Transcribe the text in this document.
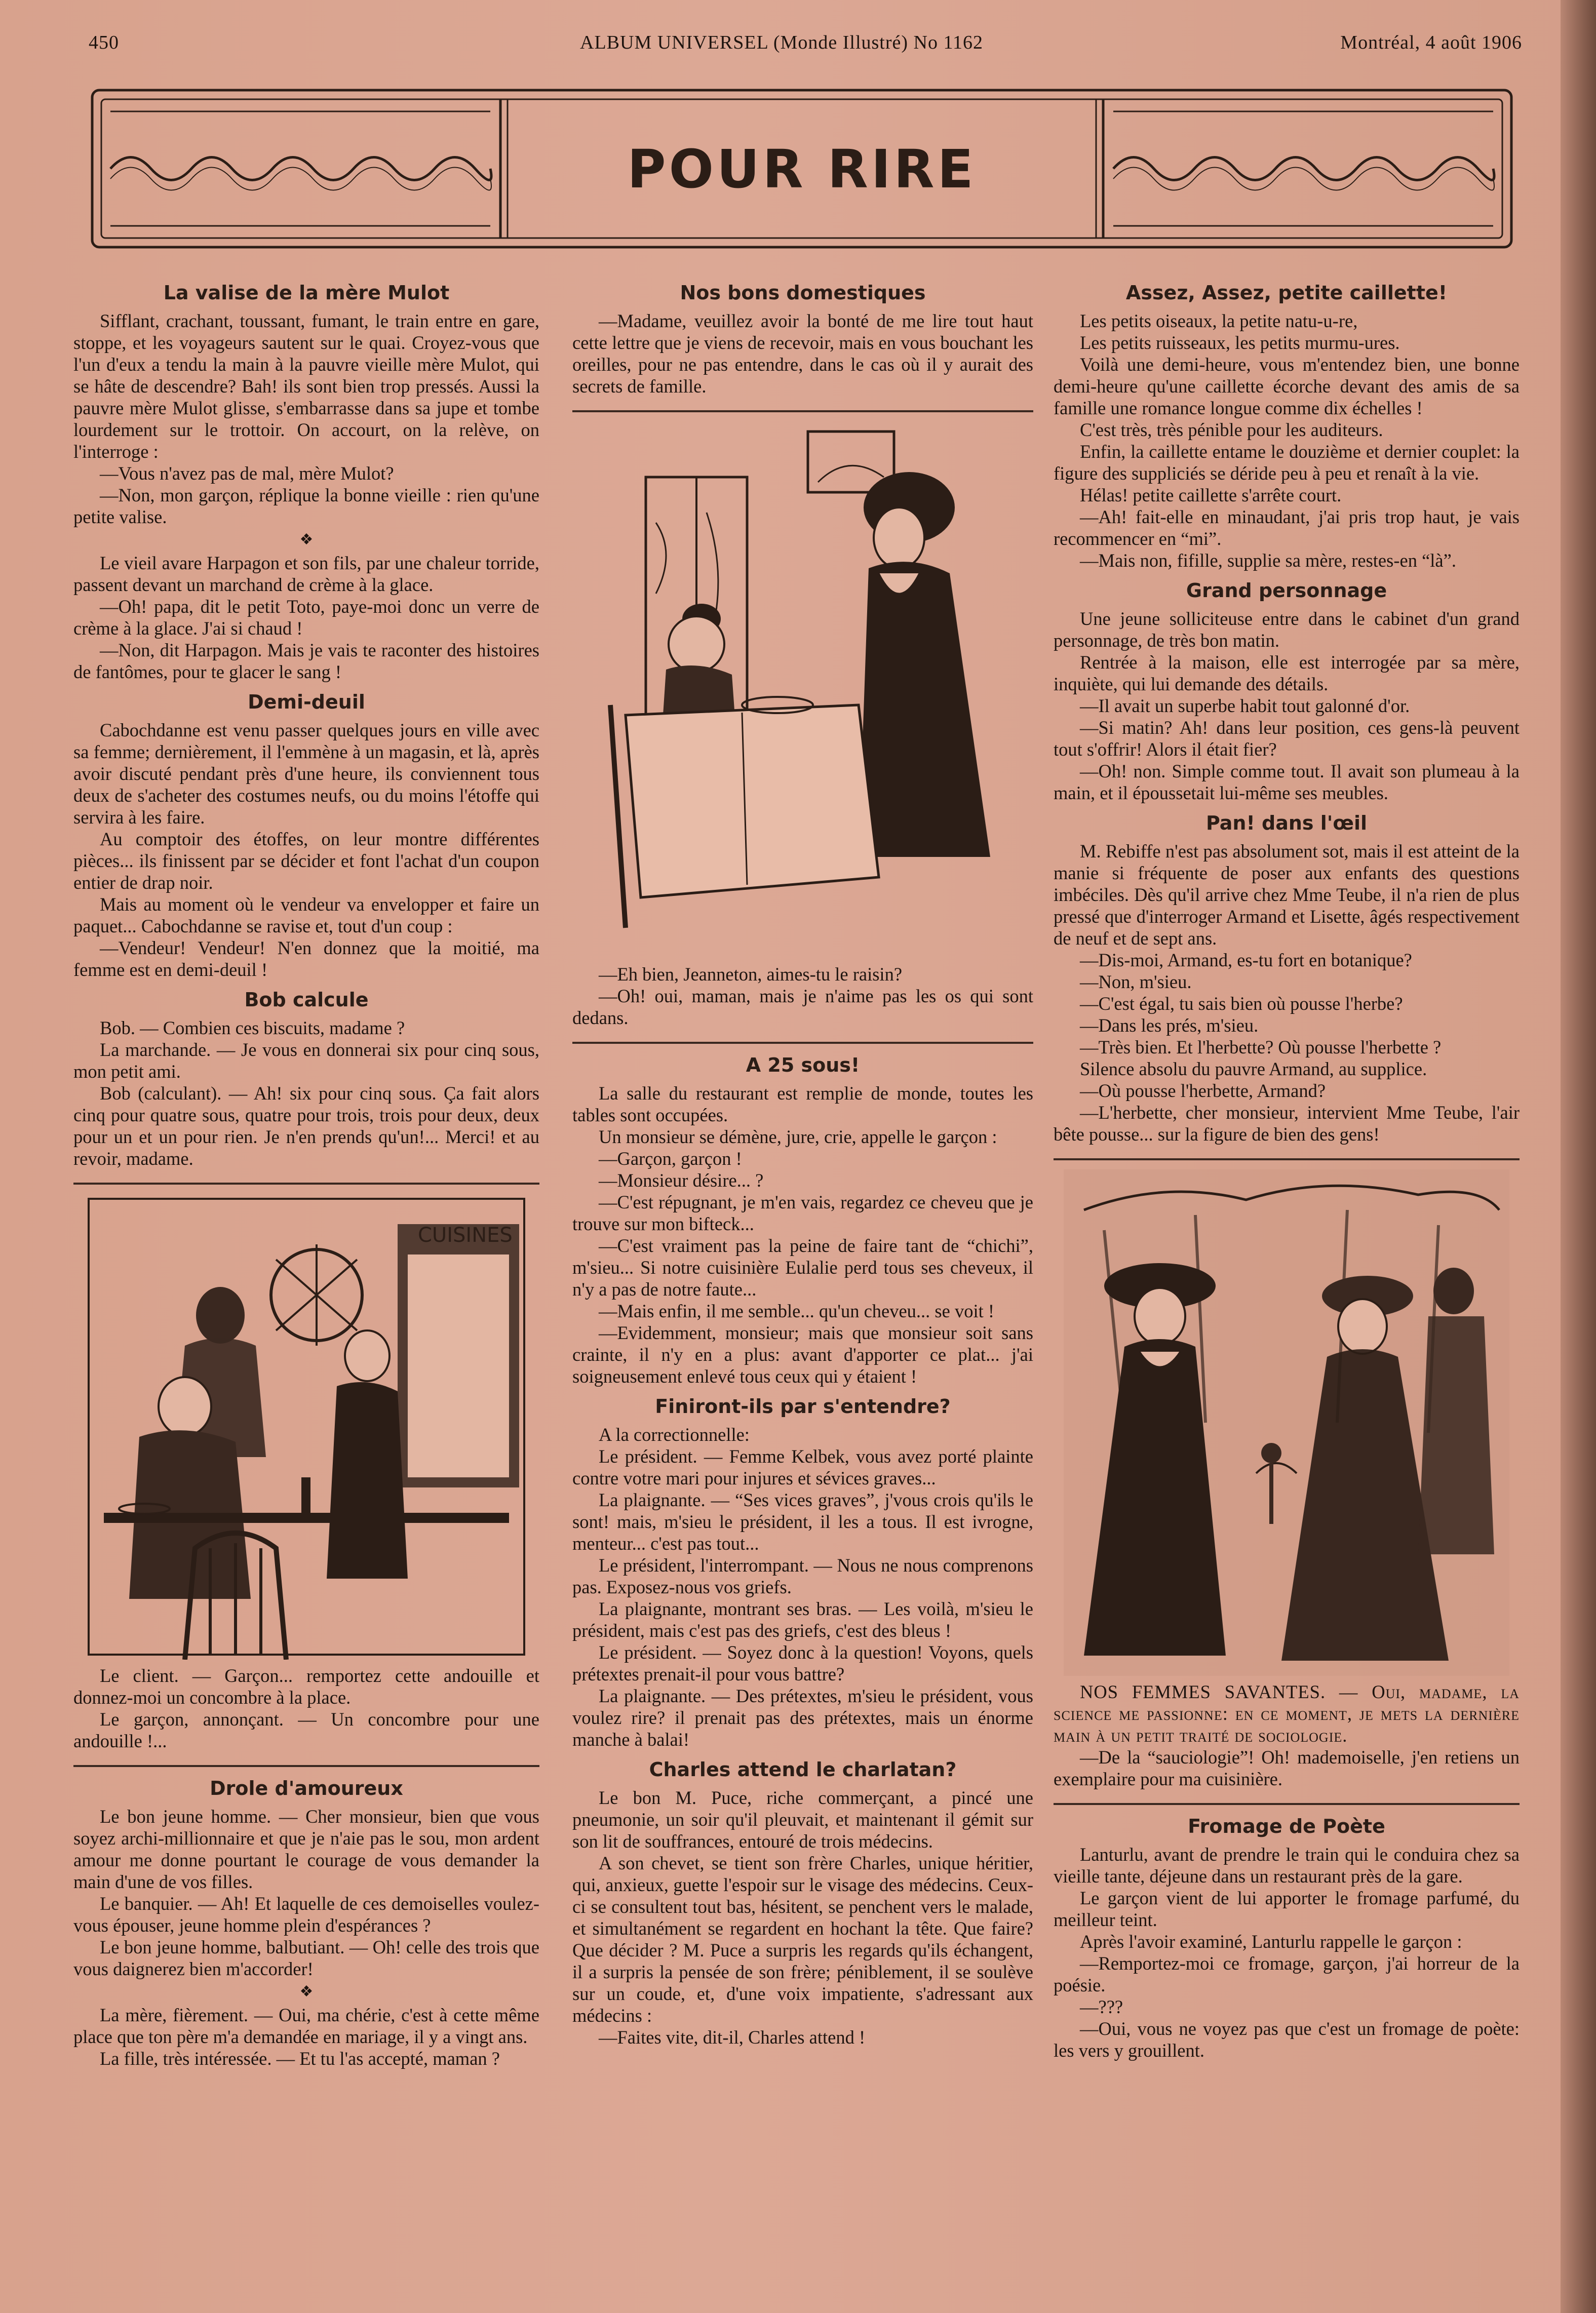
450	ALBUM UNIVERSEL (Monde Illustré) No 1162	Montréal, 4 août 1906
POUR RIRE
La valise de la mère Mulot

Sifflant, crachant, toussant, fumant, le train entre en gare, stoppe, et les voyageurs sautent sur le quai. Croyez-vous que l'un d'eux a tendu la main à la pauvre vieille mère Mulot, qui se hâte de descendre? Bah! ils sont bien trop pressés. Aussi la pauvre mère Mulot glisse, s'embarrasse dans sa jupe et tombe lourdement sur le trottoir. On accourt, on la relève, on l'interroge :

—Vous n'avez pas de mal, mère Mulot?

—Non, mon garçon, réplique la bonne vieille : rien qu'une petite valise.

❖

Le vieil avare Harpagon et son fils, par une chaleur torride, passent devant un marchand de crème à la glace.

—Oh! papa, dit le petit Toto, paye-moi donc un verre de crème à la glace. J'ai si chaud !

—Non, dit Harpagon. Mais je vais te raconter des histoires de fantômes, pour te glacer le sang !

Demi-deuil

Cabochdanne est venu passer quelques jours en ville avec sa femme; dernièrement, il l'emmène à un magasin, et là, après avoir discuté pendant près d'une heure, ils conviennent tous deux de s'acheter des costumes neufs, ou du moins l'étoffe qui servira à les faire.

Au comptoir des étoffes, on leur montre différentes pièces... ils finissent par se décider et font l'achat d'un coupon entier de drap noir.

Mais au moment où le vendeur va envelopper et faire un paquet... Cabochdanne se ravise et, tout d'un coup :

—Vendeur! Vendeur! N'en donnez que la moitié, ma femme est en demi-deuil !

Bob calcule

Bob. — Combien ces biscuits, madame ?

La marchande. — Je vous en donnerai six pour cinq sous, mon petit ami.

Bob (calculant). — Ah! six pour cinq sous. Ça fait alors cinq pour quatre sous, quatre pour trois, trois pour deux, deux pour un et un pour rien. Je n'en prends qu'un!... Merci! et au revoir, madame.

CUISINES

Le client. — Garçon... remportez cette andouille et donnez-moi un concombre à la place.

Le garçon, annonçant. — Un concombre pour une andouille !...

Drole d'amoureux

Le bon jeune homme. — Cher monsieur, bien que vous soyez archi-millionnaire et que je n'aie pas le sou, mon ardent amour me donne pourtant le courage de vous demander la main d'une de vos filles.

Le banquier. — Ah! Et laquelle de ces demoiselles voulez-vous épouser, jeune homme plein d'espérances ?

Le bon jeune homme, balbutiant. — Oh! celle des trois que vous daignerez bien m'accorder!

❖

La mère, fièrement. — Oui, ma chérie, c'est à cette même place que ton père m'a demandée en mariage, il y a vingt ans.

La fille, très intéressée. — Et tu l'as accepté, maman ?

Nos bons domestiques

—Madame, veuillez avoir la bonté de me lire tout haut cette lettre que je viens de recevoir, mais en vous bouchant les oreilles, pour ne pas entendre, dans le cas où il y aurait des secrets de famille.

—Eh bien, Jeanneton, aimes-tu le raisin?

—Oh! oui, maman, mais je n'aime pas les os qui sont dedans.

A 25 sous!

La salle du restaurant est remplie de monde, toutes les tables sont occupées.

Un monsieur se démène, jure, crie, appelle le garçon :

—Garçon, garçon !

—Monsieur désire... ?

—C'est répugnant, je m'en vais, regardez ce cheveu que je trouve sur mon bifteck...

—C'est vraiment pas la peine de faire tant de “chichi”, m'sieu... Si notre cuisinière Eulalie perd tous ses cheveux, il n'y a pas de notre faute...

—Mais enfin, il me semble... qu'un cheveu... se voit !

—Evidemment, monsieur; mais que monsieur soit sans crainte, il n'y en a plus: avant d'apporter ce plat... j'ai soigneusement enlevé tous ceux qui y étaient !

Finiront-ils par s'entendre?

A la correctionnelle:

Le président. — Femme Kelbek, vous avez porté plainte contre votre mari pour injures et sévices graves...

La plaignante. — “Ses vices graves”, j'vous crois qu'ils le sont! mais, m'sieu le président, il les a tous. Il est ivrogne, menteur... c'est pas tout...

Le président, l'interrompant. — Nous ne nous comprenons pas. Exposez-nous vos griefs.

La plaignante, montrant ses bras. — Les voilà, m'sieu le président, mais c'est pas des griefs, c'est des bleus !

Le président. — Soyez donc à la question! Voyons, quels prétextes prenait-il pour vous battre?

La plaignante. — Des prétextes, m'sieu le président, vous voulez rire? il prenait pas des prétextes, mais un énorme manche à balai!

Charles attend le charlatan?

Le bon M. Puce, riche commerçant, a pincé une pneumonie, un soir qu'il pleuvait, et maintenant il gémit sur son lit de souffrances, entouré de trois médecins.

A son chevet, se tient son frère Charles, unique héritier, qui, anxieux, guette l'espoir sur le visage des médecins. Ceux-ci se consultent tout bas, hésitent, se penchent vers le malade, et simultanément se regardent en hochant la tête. Que faire? Que décider ? M. Puce a surpris les regards qu'ils échangent, il a surpris la pensée de son frère; péniblement, il se soulève sur un coude, et, d'une voix impatiente, s'adressant aux médecins :

—Faites vite, dit-il, Charles attend !

Assez, Assez, petite caillette!

Les petits oiseaux, la petite natu-u-re,

Les petits ruisseaux, les petits murmu-ures.

Voilà une demi-heure, vous m'entendez bien, une bonne demi-heure qu'une caillette écorche devant des amis de sa famille une romance longue comme dix échelles !

C'est très, très pénible pour les auditeurs.

Enfin, la caillette entame le douzième et dernier couplet: la figure des suppliciés se déride peu à peu et renaît à la vie.

Hélas! petite caillette s'arrête court.

—Ah! fait-elle en minaudant, j'ai pris trop haut, je vais recommencer en “mi”.

—Mais non, fifille, supplie sa mère, restes-en “là”.

Grand personnage

Une jeune solliciteuse entre dans le cabinet d'un grand personnage, de très bon matin.

Rentrée à la maison, elle est interrogée par sa mère, inquiète, qui lui demande des détails.

—Il avait un superbe habit tout galonné d'or.

—Si matin? Ah! dans leur position, ces gens-là peuvent tout s'offrir! Alors il était fier?

—Oh! non. Simple comme tout. Il avait son plumeau à la main, et il époussetait lui-même ses meubles.

Pan! dans l'œil

M. Rebiffe n'est pas absolument sot, mais il est atteint de la manie si fréquente de poser aux enfants des questions imbéciles. Dès qu'il arrive chez Mme Teube, il n'a rien de plus pressé que d'interroger Armand et Lisette, âgés respectivement de neuf et de sept ans.

—Dis-moi, Armand, es-tu fort en botanique?

—Non, m'sieu.

—C'est égal, tu sais bien où pousse l'herbe?

—Dans les prés, m'sieu.

—Très bien. Et l'herbette? Où pousse l'herbette ?

Silence absolu du pauvre Armand, au supplice.

—Où pousse l'herbette, Armand?

—L'herbette, cher monsieur, intervient Mme Teube, l'air bête pousse... sur la figure de bien des gens!

NOS FEMMES SAVANTES. — Oui, madame, la science me passionne: en ce moment, je mets la dernière main à un petit traité de sociologie.

—De la “sauciologie”! Oh! mademoiselle, j'en retiens un exemplaire pour ma cuisinière.

Fromage de Poète

Lanturlu, avant de prendre le train qui le conduira chez sa vieille tante, déjeune dans un restaurant près de la gare.

Le garçon vient de lui apporter le fromage parfumé, du meilleur teint.

Après l'avoir examiné, Lanturlu rappelle le garçon :

—Remportez-moi ce fromage, garçon, j'ai horreur de la poésie.

—???

—Oui, vous ne voyez pas que c'est un fromage de poète: les vers y grouillent.
